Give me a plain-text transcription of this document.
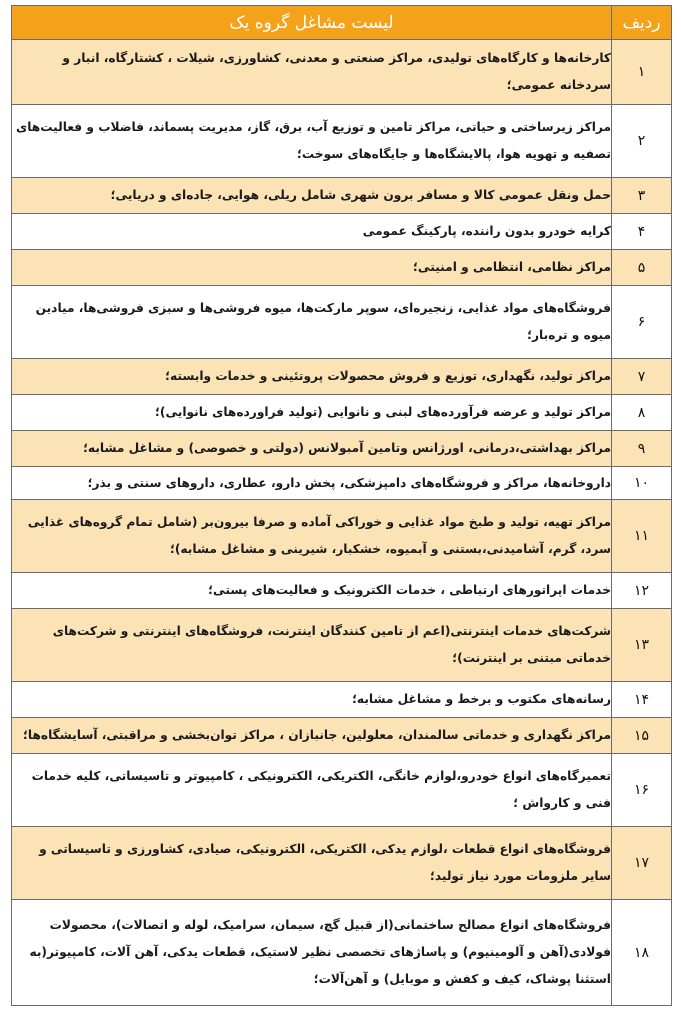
ردیف	لیست مشاغل گروه یک
۱	کارخانه‌ها و کارگاه‌های تولیدی، مراکز صنعتی و معدنی، کشاورزی، شیلات ، کشتارگاه، انبار و سردخانه عمومی؛
۲	مراکز زیرساختی و حیاتی، مراکز تامین و توزیع آب، برق، گاز، مدیریت پسماند، فاضلاب و فعالیت‌های تصفیه و تهویه هوا، پالایشگاه‌ها و جایگاه‌های سوخت؛
۳	حمل ونقل عمومی کالا و مسافر برون شهری شامل ریلی، هوایی، جاده‌ای و دریایی؛
۴	کرایه خودرو بدون راننده، پارکینگ عمومی
۵	مراکز نظامی، انتظامی و امنیتی؛
۶	فروشگاه‌های مواد غذایی، زنجیره‌ای، سوپر مارکت‌ها، میوه فروشی‌ها و سبزی فروشی‌ها، میادین میوه و تره‌بار؛
۷	مراکز تولید، نگهداری، توزیع و فروش محصولات پروتئینی و خدمات وابسته؛
۸	مراکز تولید و عرضه فرآورده‌های لبنی و نانوایی (تولید فراورده‌های نانوایی)؛
۹	مراکز بهداشتی،درمانی، اورژانس وتامین آمبولانس (دولتی و خصوصی) و مشاغل مشابه؛
۱۰	داروخانه‌ها، مراکز و فروشگاه‌های دامپزشکی، پخش دارو، عطاری، داروهای سنتی و بذر؛
۱۱	مراکز تهیه، تولید و طبخ مواد غذایی و خوراکی آماده و صرفا بیرون‌بر (شامل تمام گروه‌های غذایی سرد، گرم، آشامیدنی،بستنی و آبمیوه، خشکبار، شیرینی و مشاغل مشابه)؛
۱۲	خدمات اپراتورهای ارتباطی ، خدمات الکترونیک و فعالیت‌های پستی؛
۱۳	شرکت‌های خدمات اینترنتی(اعم از تامین کنندگان اینترنت، فروشگاه‌های اینترنتی و شرکت‌های خدماتی مبتنی بر اینترنت)؛
۱۴	رسانه‌های مکتوب و برخط و مشاغل مشابه؛
۱۵	مراکز نگهداری و خدماتی سالمندان، معلولین، جانبازان ، مراکز توان‌بخشی و مراقبتی، آسایشگاه‌ها؛
۱۶	تعمیرگاه‌های انواع خودرو،لوازم خانگی، الکتریکی، الکترونیکی ، کامپیوتر و تاسیساتی، کلیه خدمات فنی و کارواش ؛
۱۷	فروشگاه‌های انواع قطعات ،لوازم یدکی، الکتریکی، الکترونیکی، صیادی، کشاورزی و تاسیساتی و سایر ملزومات مورد نیاز تولید؛
۱۸	فروشگاه‌های انواع مصالح ساختمانی(از قبیل گچ، سیمان، سرامیک، لوله و اتصالات)، محصولات فولادی(آهن و آلومینیوم) و پاساژهای تخصصی نظیر لاستیک، قطعات یدکی، آهن آلات، کامپیوتر(به استثنا پوشاک، کیف و کفش و موبایل) و آهن‌آلات؛
